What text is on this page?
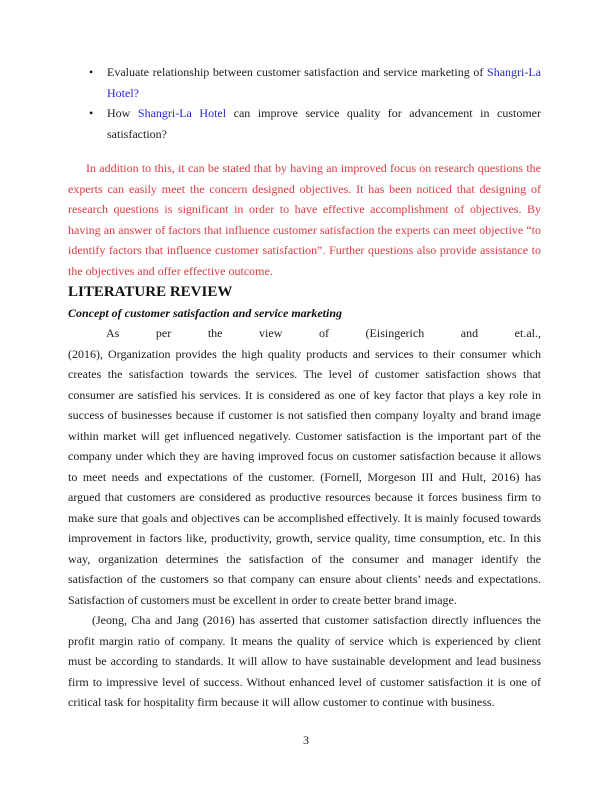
• Evaluate relationship between customer satisfaction and service marketing of Shangri-La Hotel?
• How Shangri-La Hotel can improve service quality for advancement in customer satisfaction?

In addition to this, it can be stated that by having an improved focus on research questions the experts can easily meet the concern designed objectives. It has been noticed that designing of research questions is significant in order to have effective accomplishment of objectives. By having an answer of factors that influence customer satisfaction the experts can meet objective “to identify factors that influence customer satisfaction”. Further questions also provide assistance to the objectives and offer effective outcome.

LITERATURE REVIEW
Concept of customer satisfaction and service marketing
As per the view of (Eisingerich and et.al.,
(2016), Organization provides the high quality products and services to their consumer which creates the satisfaction towards the services. The level of customer satisfaction shows that consumer are satisfied his services. It is considered as one of key factor that plays a key role in success of businesses because if customer is not satisfied then company loyalty and brand image within market will get influenced negatively. Customer satisfaction is the important part of the company under which they are having improved focus on customer satisfaction because it allows to meet needs and expectations of the customer. (Fornell, Morgeson III and Hult, 2016) has argued that customers are considered as productive resources because it forces business firm to make sure that goals and objectives can be accomplished effectively. It is mainly focused towards improvement in factors like, productivity, growth, service quality, time consumption, etc. In this way, organization determines the satisfaction of the consumer and manager identify the satisfaction of the customers so that company can ensure about clients’ needs and expectations. Satisfaction of customers must be excellent in order to create better brand image.

(Jeong, Cha and Jang (2016) has asserted that customer satisfaction directly influences the profit margin ratio of company. It means the quality of service which is experienced by client must be according to standards. It will allow to have sustainable development and lead business firm to impressive level of success. Without enhanced level of customer satisfaction it is one of critical task for hospitality firm because it will allow customer to continue with business.

3
